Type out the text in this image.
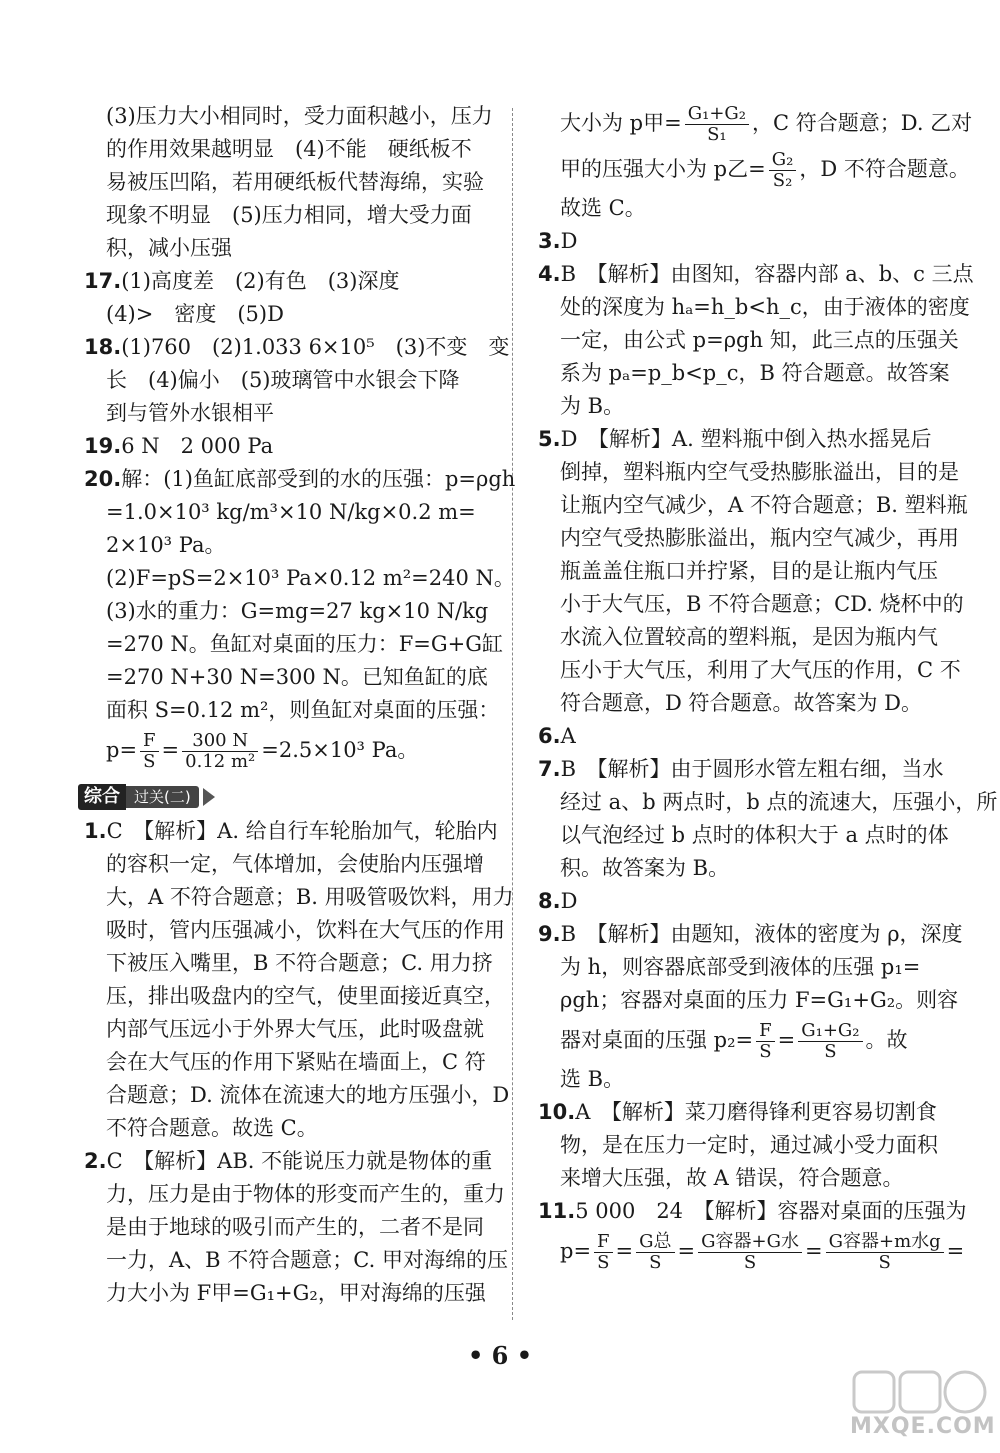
(3)压力大小相同时，受力面积越小，压力
的作用效果越明显　(4)不能　硬纸板不
易被压凹陷，若用硬纸板代替海绵，实验
现象不明显　(5)压力相同，增大受力面
积，减小压强
17.(1)高度差　(2)有色　(3)深度
(4)>　密度　(5)D
18.(1)760　(2)1.033 6×10⁵　(3)不变　变
长　(4)偏小　(5)玻璃管中水银会下降
到与管外水银相平
19.6 N　2 000 Pa
20.解：(1)鱼缸底部受到的水的压强：p=ρgh
=1.0×10³ kg/m³×10 N/kg×0.2 m=
2×10³ Pa。
(2)F=pS=2×10³ Pa×0.12 m²=240 N。
(3)水的重力：G=mg=27 kg×10 N/kg
=270 N。鱼缸对桌面的压力：F=G+G缸
=270 N+30 N=300 N。已知鱼缸的底
面积 S=0.12 m²，则鱼缸对桌面的压强：
$p= \frac{F}{S} = \frac{300 N}{\text{0.12 m²}} =2.5\times 10^3$ Pa。
综合 过关(二)
1.C　【解析】A. 给自行车轮胎加气，轮胎内
的容积一定，气体增加，会使胎内压强增
大，A 不符合题意；B. 用吸管吸饮料，用力
吸时，管内压强减小，饮料在大气压的作用
下被压入嘴里，B 不符合题意；C. 用力挤
压，排出吸盘内的空气，使里面接近真空，
内部气压远小于外界大气压，此时吸盘就
会在大气压的作用下紧贴在墙面上，C 符
合题意；D. 流体在流速大的地方压强小，D
不符合题意。故选 C。
2.C　【解析】AB. 不能说压力就是物体的重
力，压力是由于物体的形变而产生的，重力
是由于地球的吸引而产生的，二者不是同
一力，A、B 不符合题意；C. 甲对海绵的压
力大小为 F甲=G₁+G₂，甲对海绵的压强
大小为 p甲= $\frac{\text{G₁+G₂}}{\text{S₁}}$ ，C 符合题意；D. 乙对
甲的压强大小为 p乙= $\frac{\text{G₂}}{\text{S₂}}$ ，D 不符合题意。
故选 C。
3.D
4.B　【解析】由图知，容器内部 a、b、c 三点
处的深度为 hₐ=h_b<h_c，由于液体的密度
一定，由公式 p=ρgh 知，此三点的压强关
系为 pₐ=p_b<p_c，B 符合题意。故答案
为 B。
5.D　【解析】A. 塑料瓶中倒入热水摇晃后
倒掉，塑料瓶内空气受热膨胀溢出，目的是
让瓶内空气减少，A 不符合题意；B. 塑料瓶
内空气受热膨胀溢出，瓶内空气减少，再用
瓶盖盖住瓶口并拧紧，目的是让瓶内气压
小于大气压，B 不符合题意；CD. 烧杯中的
水流入位置较高的塑料瓶，是因为瓶内气
压小于大气压，利用了大气压的作用，C 不
符合题意，D 符合题意。故答案为 D。
6.A
7.B　【解析】由于圆形水管左粗右细，当水
经过 a、b 两点时，b 点的流速大，压强小，所
以气泡经过 b 点时的体积大于 a 点时的体
积。故答案为 B。
8.D
9.B　【解析】由题知，液体的密度为 ρ，深度
为 h，则容器底部受到液体的压强 p₁=
ρgh；容器对桌面的压力 F=G₁+G₂。则容
器对桌面的压强 $p_2= \frac{F}{S} = \frac{\text{G₁+G₂}}{S}$ 。故
选 B。
10.A　【解析】菜刀磨得锋利更容易切割食
物，是在压力一定时，通过减小受力面积
来增大压强，故 A 错误，符合题意。
11.5 000　24　【解析】容器对桌面的压强为
$p= \frac{F}{S} = \frac{\text{G总}}{S} = \frac{\text{G容器+G水}}{S} = \frac{\text{G容器+m水g}}{S}$ =
• 6 •
MXQE.COM
